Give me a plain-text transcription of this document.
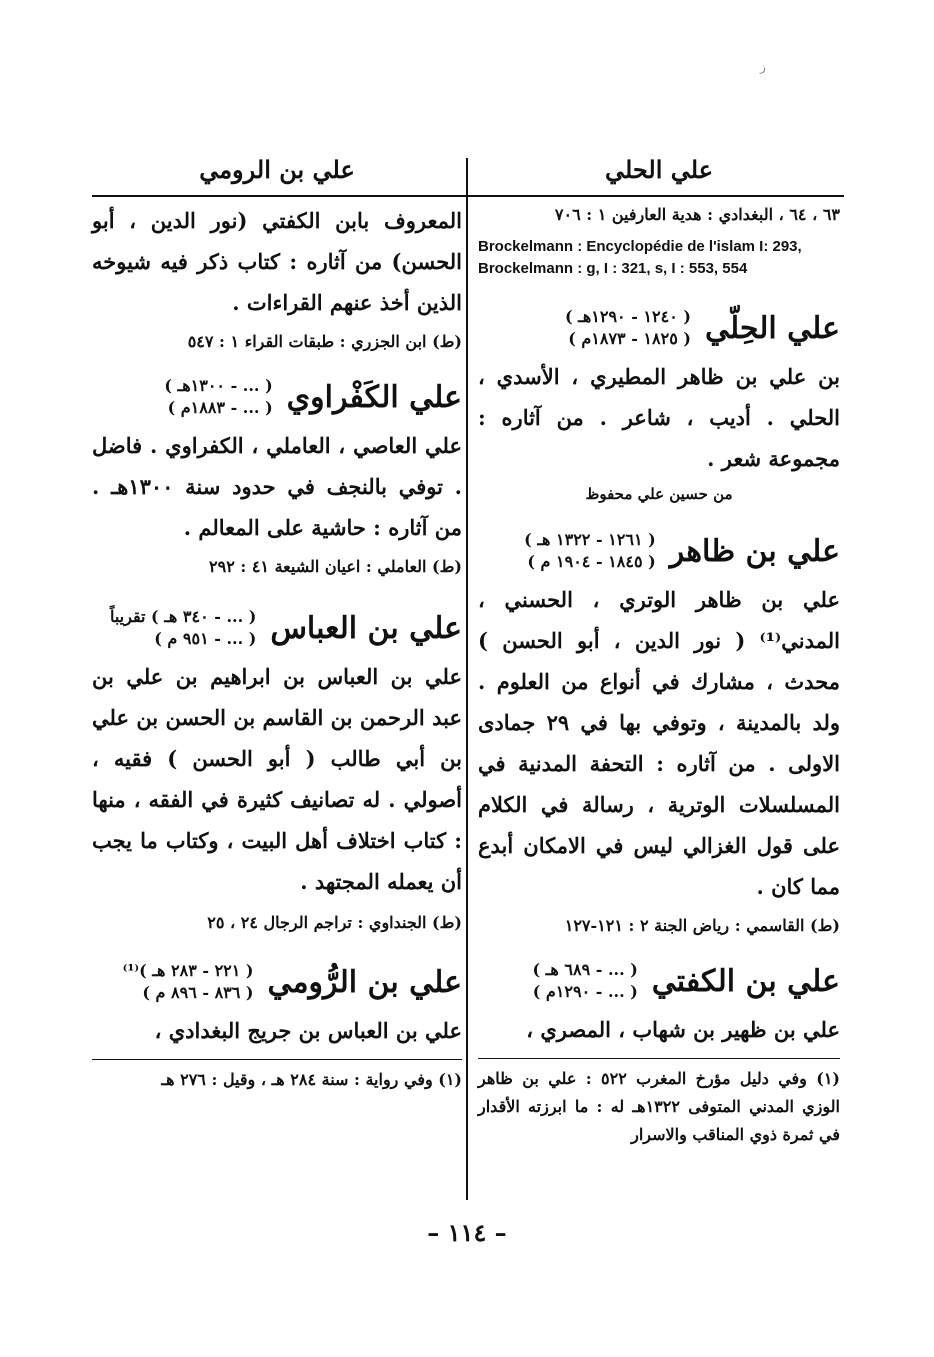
ز
علي الحلي
٦٣ ، ٦٤ ، البغدادي : هدية العارفين ١ : ٧٠٦
Brockelmann : Encyclopédie de l'islam I: 293, Brockelmann : g, I : 321, s, I : 553, 554
علي الحِلّي
( ١٢٤٠ - ١٢٩٠هـ )
( ١٨٢٥ - ١٨٧٣م )
بن علي بن ظاهر المطيري ، الأسدي ، الحلي . أديب ، شاعر . من آثاره : مجموعة شعر .
من حسين علي محفوظ
علي بن ظاهر
( ١٢٦١ - ١٣٢٢ هـ )
( ١٨٤٥ - ١٩٠٤ م )
علي بن ظاهر الوتري ، الحسني ، المدني⁽¹⁾ ( نور الدين ، أبو الحسن ) محدث ، مشارك في أنواع من العلوم . ولد بالمدينة ، وتوفي بها في ٢٩ جمادى الاولى . من آثاره : التحفة المدنية في المسلسلات الوترية ، رسالة في الكلام على قول الغزالي ليس في الامكان أبدع مما كان .
(ط) القاسمي : رياض الجنة ٢ : ١٢١-١٢٧
علي بن الكفتي
( ... - ٦٨٩ هـ )
( ... - ١٢٩٠م )
علي بن ظهير بن شهاب ، المصري ،
(١) وفي دليل مؤرخ المغرب ٥٢٢ : علي بن ظاهر الوزي المدني المتوفى ١٣٢٢هـ له : ما ابرزته الأقدار في ثمرة ذوي المناقب والاسرار
علي بن الرومي
المعروف بابن الكفتي (نور الدين ، أبو الحسن) من آثاره : كتاب ذكر فيه شيوخه الذين أخذ عنهم القراءات .
(ط) ابن الجزري : طبقات القراء ١ : ٥٤٧
علي الكَفْراوي
( ... - ١٣٠٠هـ )
( ... - ١٨٨٣م )
علي العاصي ، العاملي ، الكفراوي . فاضل . توفي بالنجف في حدود سنة ١٣٠٠هـ . من آثاره : حاشية على المعالم .
(ط) العاملي : اعيان الشيعة ٤١ : ٢٩٢
علي بن العباس
( ... - ٣٤٠ هـ ) تقريباً
( ... - ٩٥١ م )
علي بن العباس بن ابراهيم بن علي بن عبد الرحمن بن القاسم بن الحسن بن علي بن أبي طالب ( أبو الحسن ) فقيه ، أصولي . له تصانيف كثيرة في الفقه ، منها : كتاب اختلاف أهل البيت ، وكتاب ما يجب أن يعمله المجتهد .
(ط) الجنداوي : تراجم الرجال ٢٤ ، ٢٥
علي بن الرُّومي
( ٢٢١ - ٢٨٣ هـ )⁽¹⁾
( ٨٣٦ - ٨٩٦ م )
علي بن العباس بن جريج البغدادي ،
(١) وفي رواية : سنة ٢٨٤ هـ ، وقيل : ٢٧٦ هـ
– ١١٤ –
